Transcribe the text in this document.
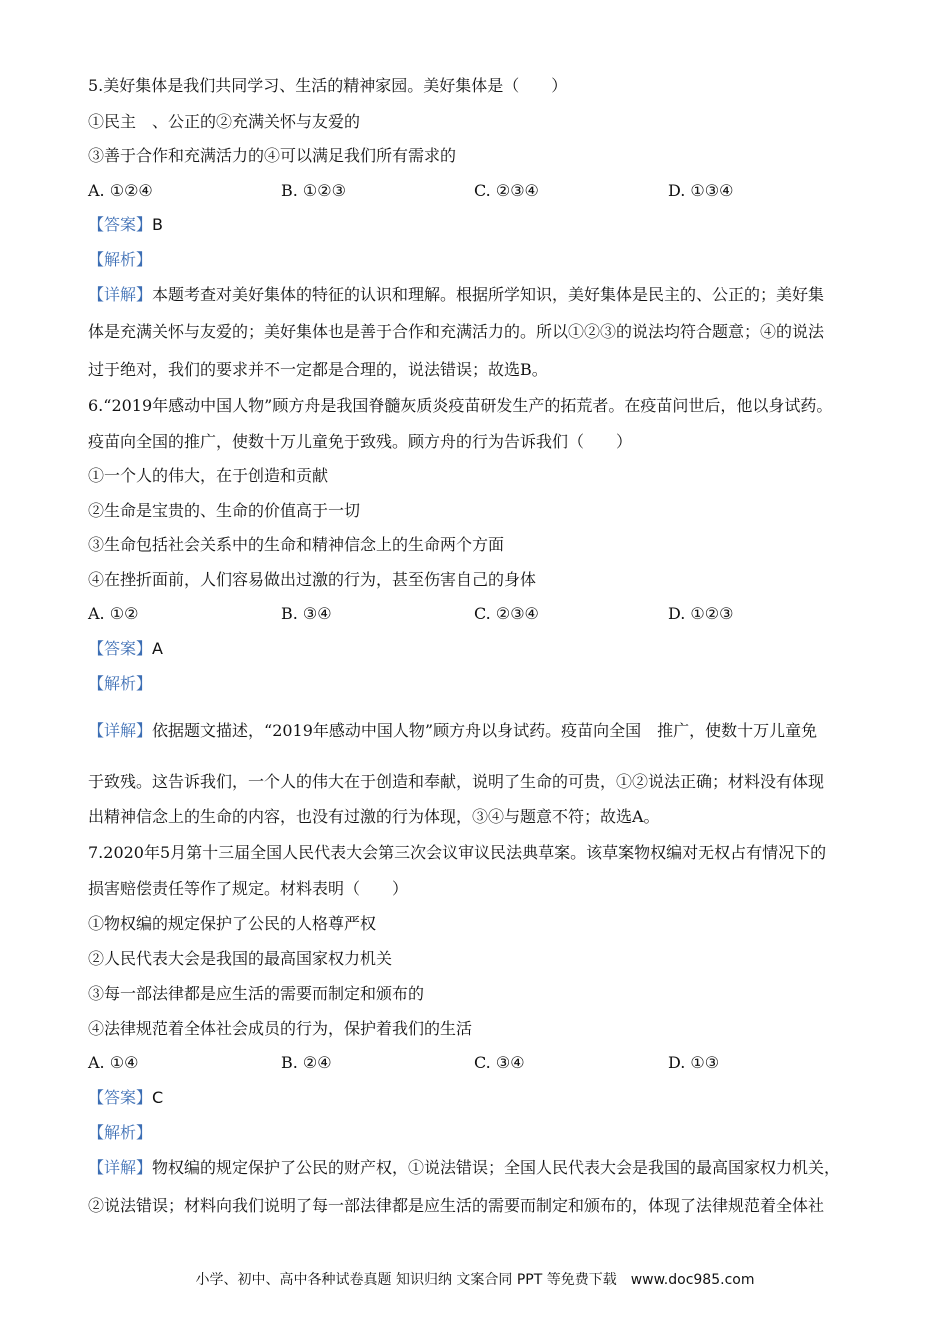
5.美好集体是我们共同学习、生活的精神家园。美好集体是（　　）
①民主　、公正的②充满关怀与友爱的
③善于合作和充满活力的④可以满足我们所有需求的
A. ①②④	B. ①②③	C. ②③④	D. ①③④
【答案】B
【解析】
【详解】本题考查对美好集体的特征的认识和理解。根据所学知识，美好集体是民主的、公正的；美好集
体是充满关怀与友爱的；美好集体也是善于合作和充满活力的。所以①②③的说法均符合题意；④的说法
过于绝对，我们的要求并不一定都是合理的，说法错误；故选B。
6.“2019年感动中国人物”顾方舟是我国脊髓灰质炎疫苗研发生产的拓荒者。在疫苗问世后，他以身试药。
疫苗向全国的推广，使数十万儿童免于致残。顾方舟的行为告诉我们（　　）
①一个人的伟大，在于创造和贡献
②生命是宝贵的、生命的价值高于一切
③生命包括社会关系中的生命和精神信念上的生命两个方面
④在挫折面前，人们容易做出过激的行为，甚至伤害自己的身体
A. ①②	B. ③④	C. ②③④	D. ①②③
【答案】A
【解析】
【详解】依据题文描述，“2019年感动中国人物”顾方舟以身试药。疫苗向全国　推广，使数十万儿童免
于致残。这告诉我们，一个人的伟大在于创造和奉献，说明了生命的可贵，①②说法正确；材料没有体现
出精神信念上的生命的内容，也没有过激的行为体现，③④与题意不符；故选A。
7.2020年5月第十三届全国人民代表大会第三次会议审议民法典草案。该草案物权编对无权占有情况下的
损害赔偿责任等作了规定。材料表明（　　）
①物权编的规定保护了公民的人格尊严权
②人民代表大会是我国的最高国家权力机关
③每一部法律都是应生活的需要而制定和颁布的
④法律规范着全体社会成员的行为，保护着我们的生活
A. ①④	B. ②④	C. ③④	D. ①③
【答案】C
【解析】
【详解】物权编的规定保护了公民的财产权，①说法错误；全国人民代表大会是我国的最高国家权力机关，
②说法错误；材料向我们说明了每一部法律都是应生活的需要而制定和颁布的，体现了法律规范着全体社
小学、初中、高中各种试卷真题 知识归纳 文案合同 PPT 等免费下载　www.doc985.com
